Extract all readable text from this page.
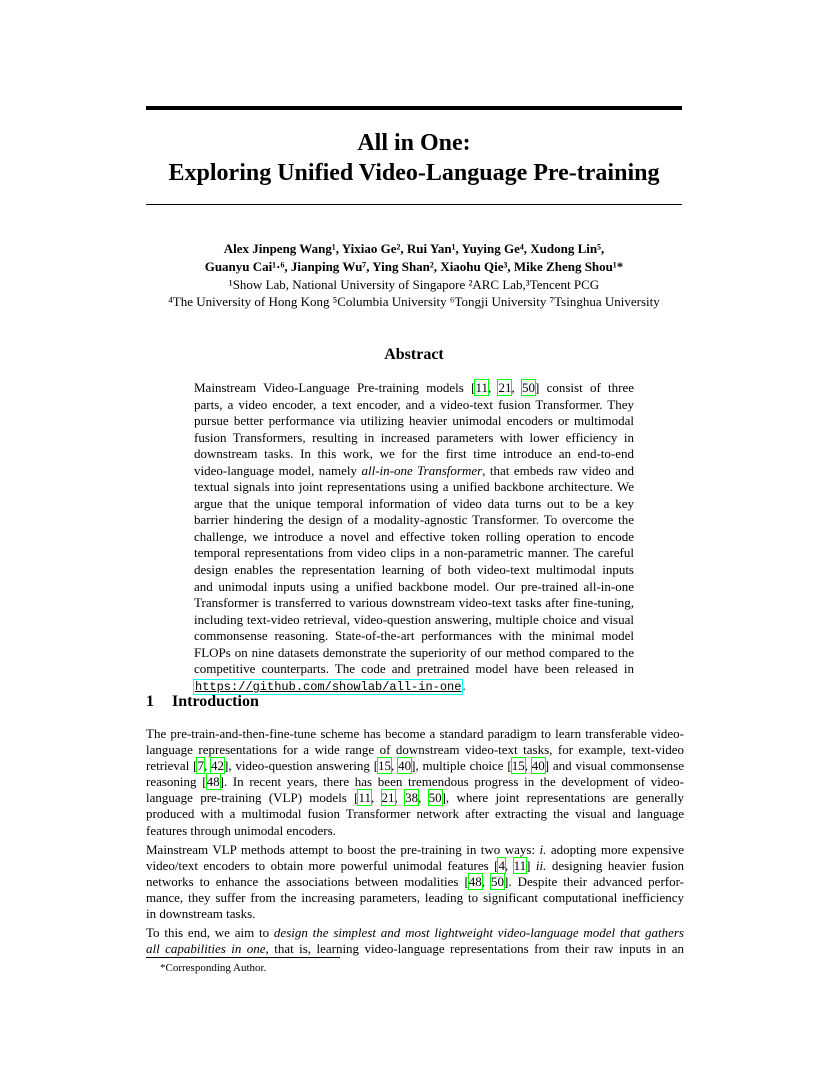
All in One:
Exploring Unified Video-Language Pre-training
Alex Jinpeng Wang¹, Yixiao Ge², Rui Yan¹, Yuying Ge⁴, Xudong Lin⁵,
Guanyu Cai¹·⁶, Jianping Wu⁷, Ying Shan², Xiaohu Qie³, Mike Zheng Shou¹*
¹Show Lab, National University of Singapore ²ARC Lab,³Tencent PCG
⁴The University of Hong Kong ⁵Columbia University ⁶Tongji University ⁷Tsinghua University
Abstract
Mainstream Video-Language Pre-training models [11, 21, 50] consist of three
parts, a video encoder, a text encoder, and a video-text fusion Transformer. They
pursue better performance via utilizing heavier unimodal encoders or multimodal
fusion Transformers, resulting in increased parameters with lower efficiency in
downstream tasks. In this work, we for the first time introduce an end-to-end
video-language model, namely all-in-one Transformer, that embeds raw video and
textual signals into joint representations using a unified backbone architecture. We
argue that the unique temporal information of video data turns out to be a key
barrier hindering the design of a modality-agnostic Transformer. To overcome the
challenge, we introduce a novel and effective token rolling operation to encode
temporal representations from video clips in a non-parametric manner. The careful
design enables the representation learning of both video-text multimodal inputs
and unimodal inputs using a unified backbone model. Our pre-trained all-in-one
Transformer is transferred to various downstream video-text tasks after fine-tuning,
including text-video retrieval, video-question answering, multiple choice and visual
commonsense reasoning. State-of-the-art performances with the minimal model
FLOPs on nine datasets demonstrate the superiority of our method compared to the
competitive counterparts. The code and pretrained model have been released in
https://github.com/showlab/all-in-one.
1 Introduction
The pre-train-and-then-fine-tune scheme has become a standard paradigm to learn transferable video-
language representations for a wide range of downstream video-text tasks, for example, text-video
retrieval [7, 42], video-question answering [15, 40], multiple choice [15, 40] and visual commonsense
reasoning [48]. In recent years, there has been tremendous progress in the development of video-
language pre-training (VLP) models [11, 21, 38, 50], where joint representations are generally
produced with a multimodal fusion Transformer network after extracting the visual and language
features through unimodal encoders.
Mainstream VLP methods attempt to boost the pre-training in two ways: i. adopting more expensive
video/text encoders to obtain more powerful unimodal features [4, 11] ii. designing heavier fusion
networks to enhance the associations between modalities [48, 50]. Despite their advanced perfor-
mance, they suffer from the increasing parameters, leading to significant computational inefficiency
in downstream tasks.
To this end, we aim to design the simplest and most lightweight video-language model that gathers
all capabilities in one, that is, learning video-language representations from their raw inputs in an
*Corresponding Author.
